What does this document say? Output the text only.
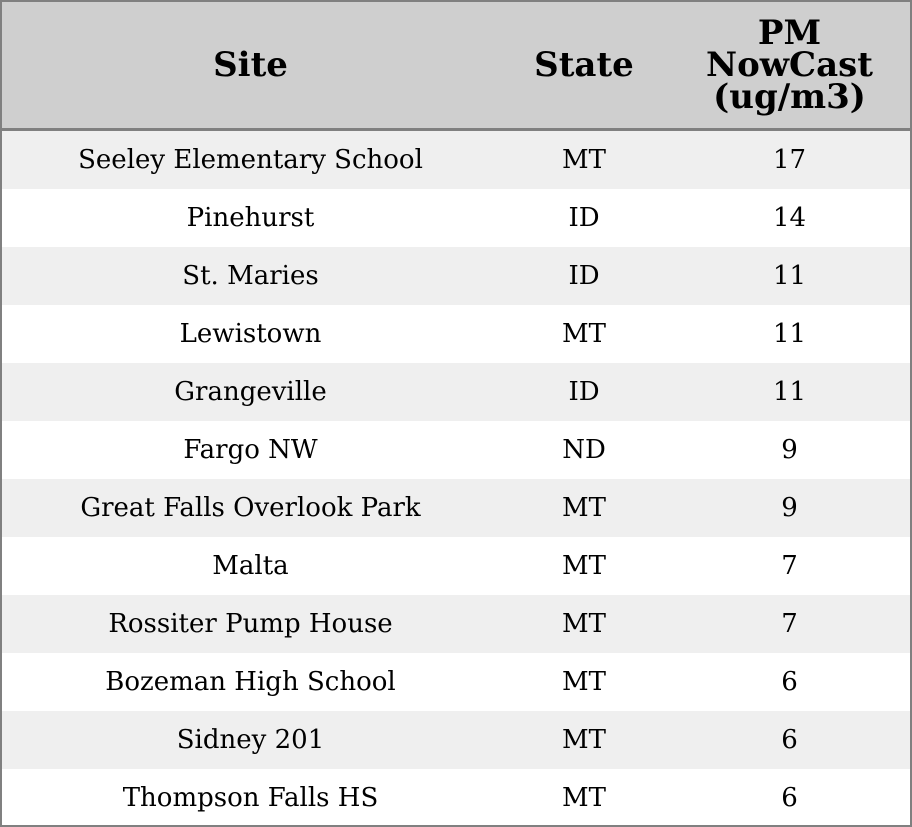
Site	State	PM
NowCast
(ug/m3)

Seeley Elementary School	MT	17
Pinehurst	ID	14
St. Maries	ID	11
Lewistown	MT	11
Grangeville	ID	11
Fargo NW	ND	9
Great Falls Overlook Park	MT	9
Malta	MT	7
Rossiter Pump House	MT	7
Bozeman High School	MT	6
Sidney 201	MT	6
Thompson Falls HS	MT	6
